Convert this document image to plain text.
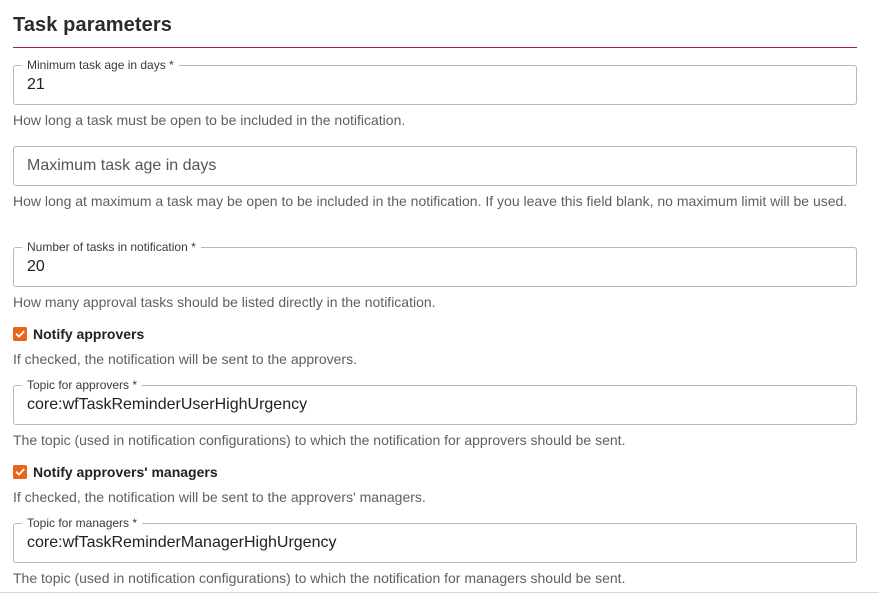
Task parameters
Minimum task age in days *
21
How long a task must be open to be included in the notification.
Maximum task age in days
How long at maximum a task may be open to be included in the notification. If you leave this field blank, no maximum limit will be used.
Number of tasks in notification *
20
How many approval tasks should be listed directly in the notification.
Notify approvers
If checked, the notification will be sent to the approvers.
Topic for approvers *
core:wfTaskReminderUserHighUrgency
The topic (used in notification configurations) to which the notification for approvers should be sent.
Notify approvers' managers
If checked, the notification will be sent to the approvers' managers.
Topic for managers *
core:wfTaskReminderManagerHighUrgency
The topic (used in notification configurations) to which the notification for managers should be sent.
